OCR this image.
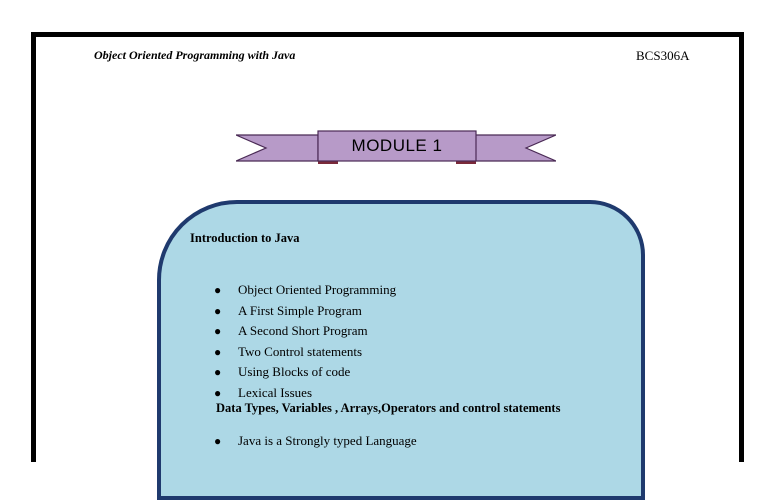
Object Oriented Programming with Java	BCS306A
MODULE 1
Introduction to Java
● Object Oriented Programming
● A First Simple Program
● A Second Short Program
● Two Control statements
● Using Blocks of code
● Lexical Issues
Data Types, Variables , Arrays,Operators and control statements
● Java is a Strongly typed Language
